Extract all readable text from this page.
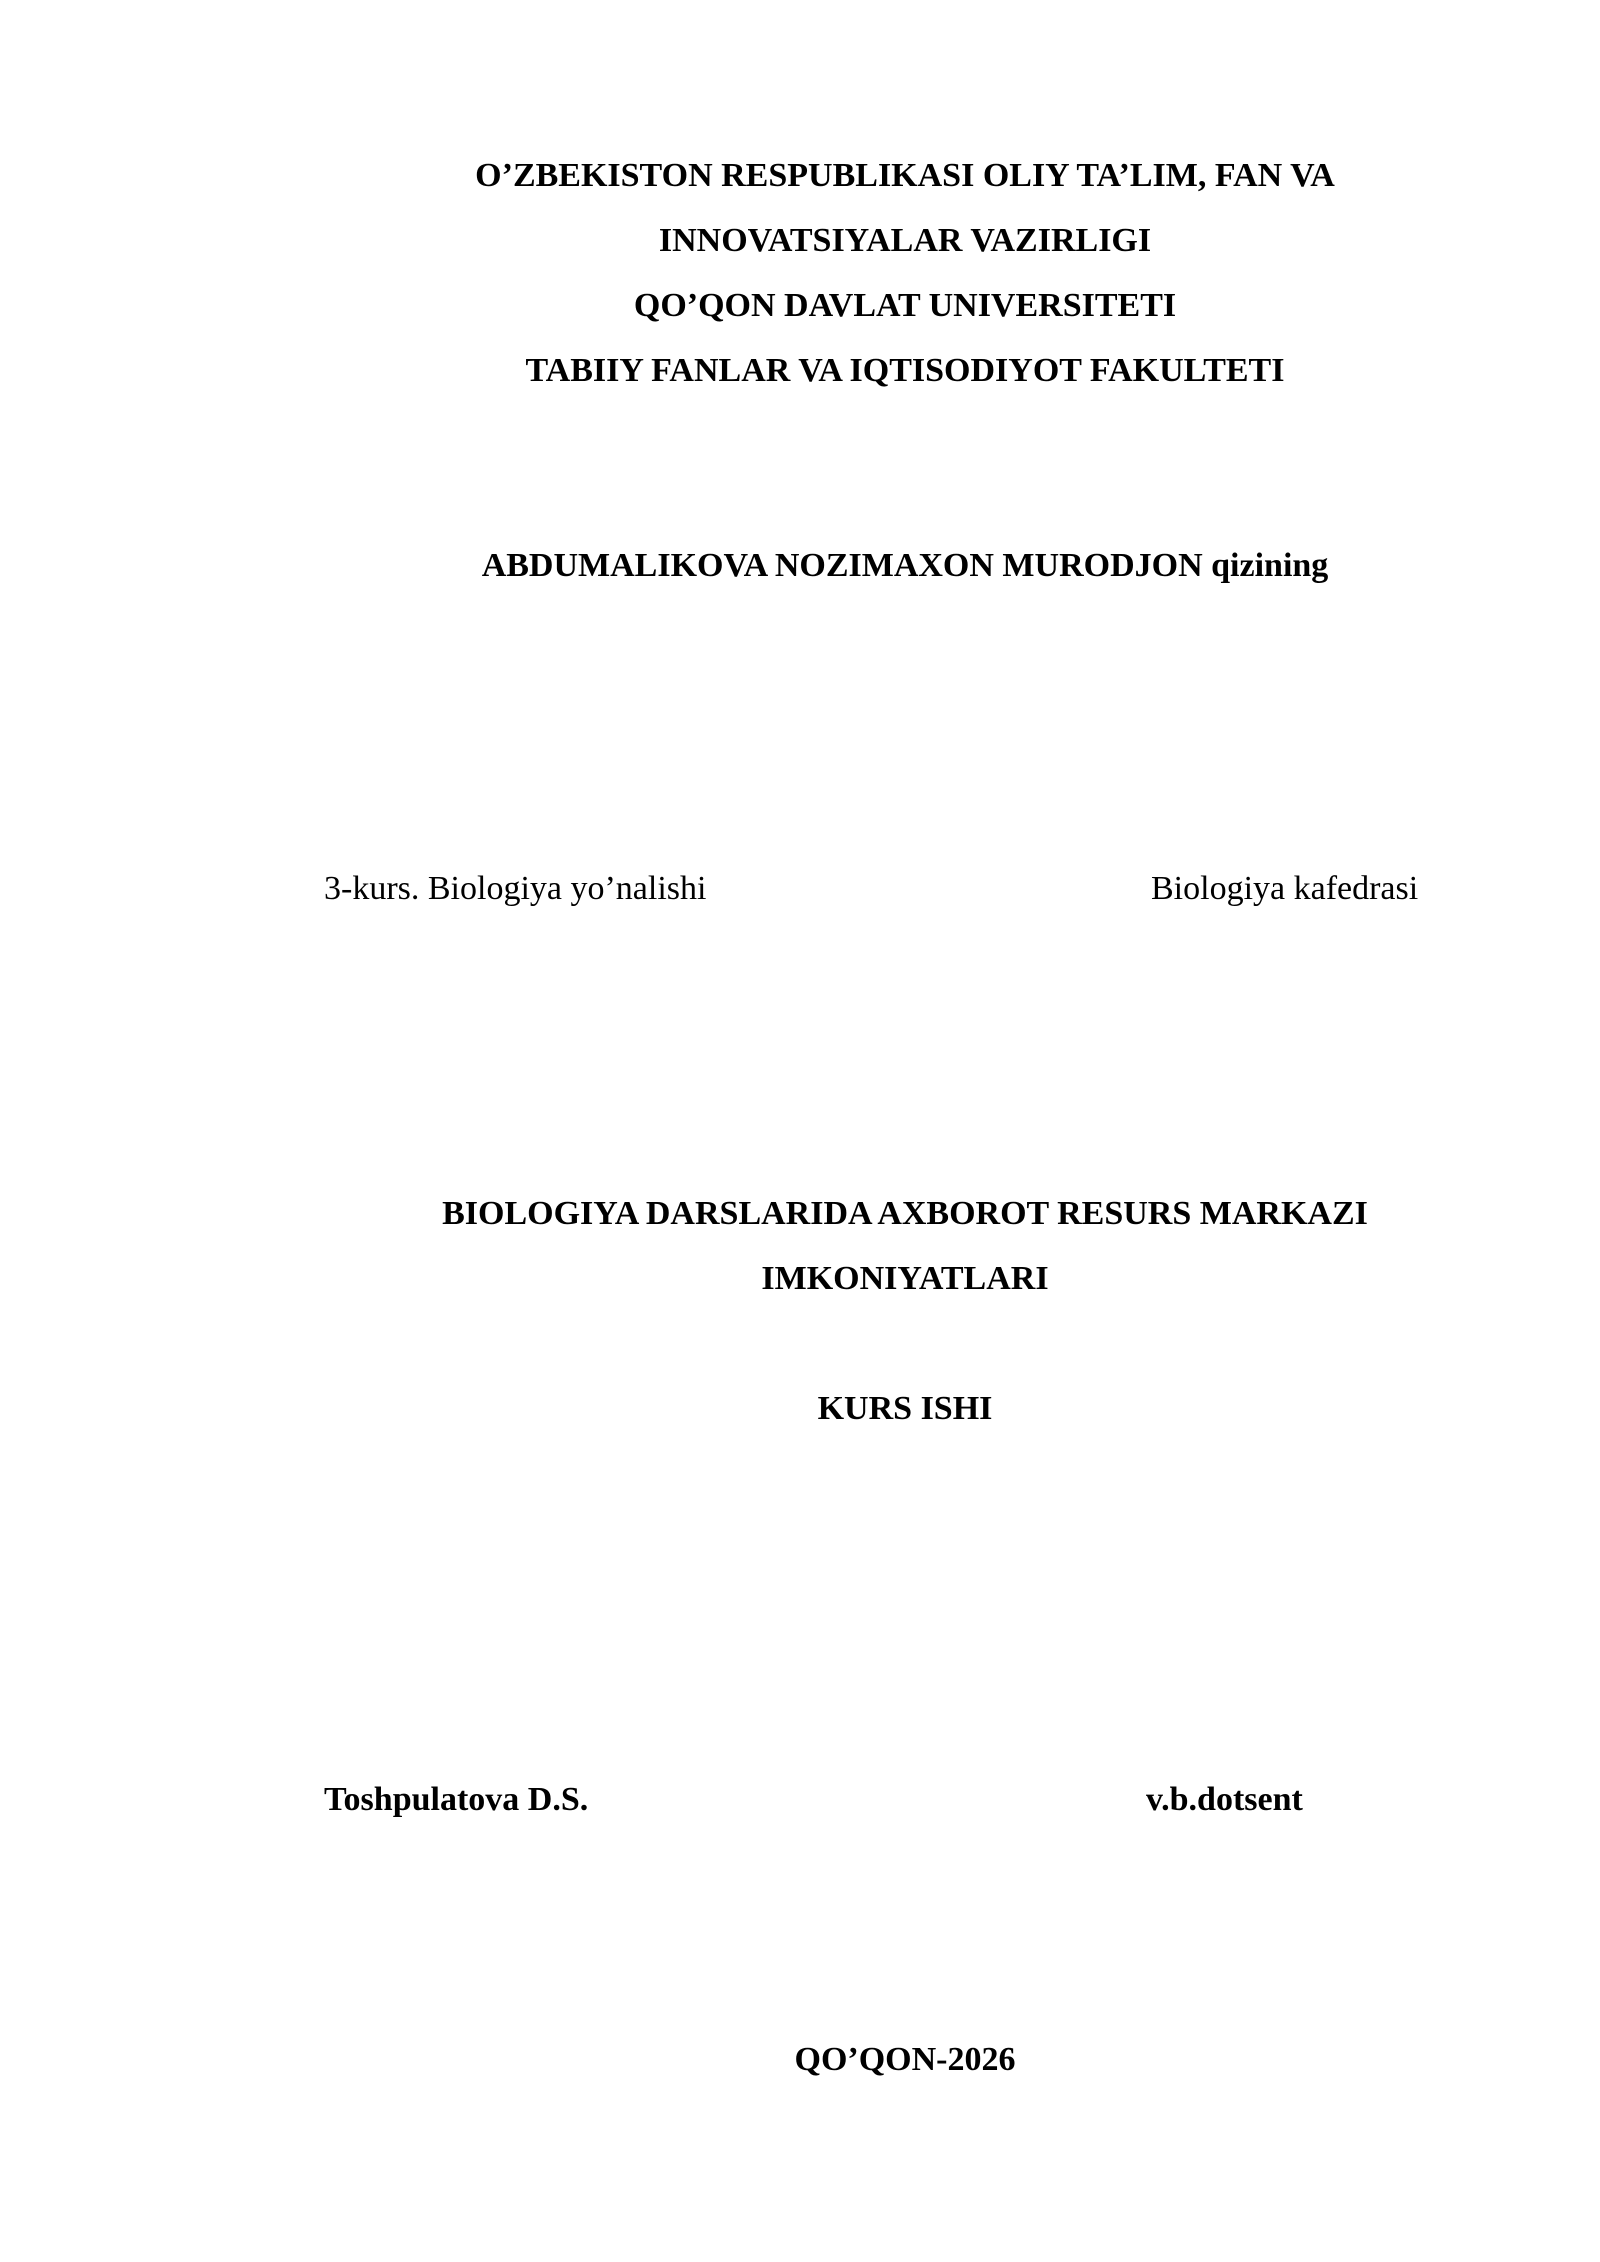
O’ZBEKISTON RESPUBLIKASI OLIY TA’LIM, FAN VA
INNOVATSIYALAR VAZIRLIGI
QO’QON DAVLAT UNIVERSITETI
TABIIY FANLAR VA IQTISODIYOT FAKULTETI
ABDUMALIKOVA NOZIMAXON MURODJON qizining
3-kurs. Biologiya yo’nalishi	Biologiya kafedrasi
BIOLOGIYA DARSLARIDA AXBOROT RESURS MARKAZI
IMKONIYATLARI
KURS ISHI
Toshpulatova D.S.	v.b.dotsent
QO’QON-2026
